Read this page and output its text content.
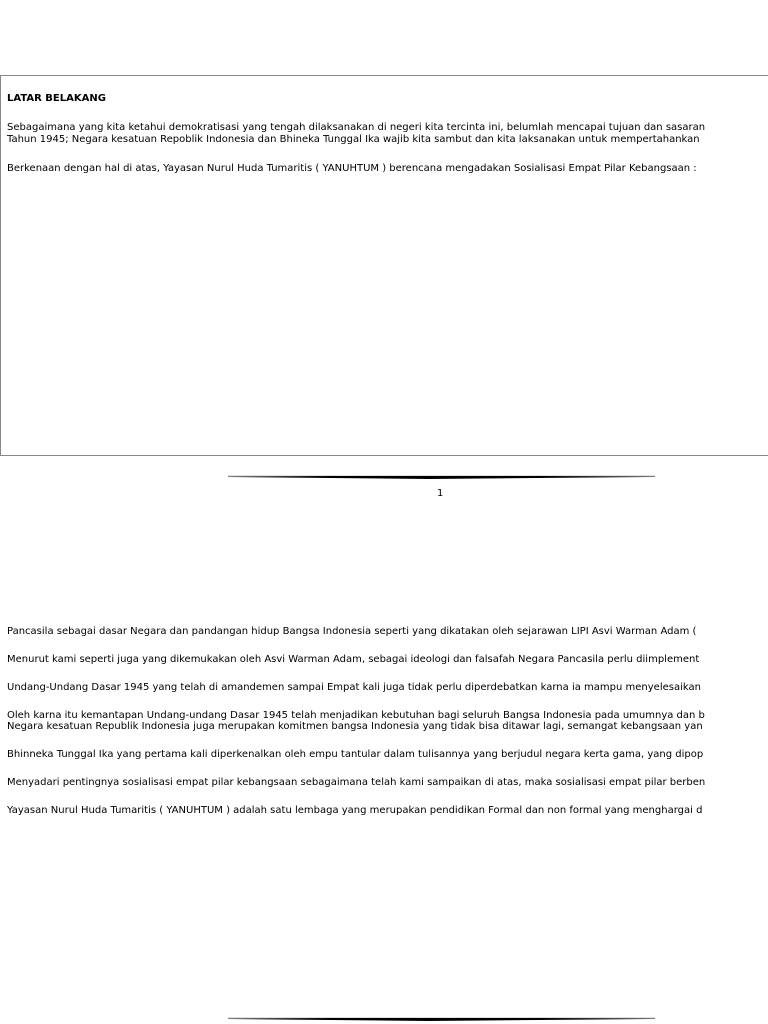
LATAR BELAKANG
Sebagaimana yang kita ketahui demokratisasi yang tengah dilaksanakan di negeri kita tercinta ini, belumlah mencapai tujuan dan sasaran
Tahun 1945; Negara kesatuan Repoblik Indonesia dan Bhineka Tunggal Ika wajib kita sambut dan kita laksanakan untuk mempertahankan
Berkenaan dengan hal di atas, Yayasan Nurul Huda Tumaritis ( YANUHTUM ) berencana mengadakan Sosialisasi Empat Pilar Kebangsaan :
1
Pancasila sebagai dasar Negara dan pandangan hidup Bangsa Indonesia seperti yang dikatakan oleh sejarawan LIPI Asvi Warman Adam (
Menurut kami seperti juga yang dikemukakan oleh Asvi Warman Adam, sebagai ideologi dan falsafah Negara Pancasila perlu diimplement
Undang-Undang Dasar 1945 yang telah di amandemen sampai Empat kali juga tidak perlu diperdebatkan karna ia mampu menyelesaikan
Oleh karna itu kemantapan Undang-undang Dasar 1945 telah menjadikan kebutuhan bagi seluruh Bangsa Indonesia pada umumnya dan b
Negara kesatuan Republik Indonesia juga merupakan komitmen bangsa Indonesia yang tidak bisa ditawar lagi, semangat kebangsaan yan
Bhinneka Tunggal Ika yang pertama kali diperkenalkan oleh empu tantular dalam tulisannya yang berjudul negara kerta gama, yang dipop
Menyadari pentingnya sosialisasi empat pilar kebangsaan sebagaimana telah kami sampaikan di atas, maka sosialisasi empat pilar berben
Yayasan Nurul Huda Tumaritis ( YANUHTUM ) adalah satu lembaga yang merupakan pendidikan Formal dan non formal yang menghargai d
